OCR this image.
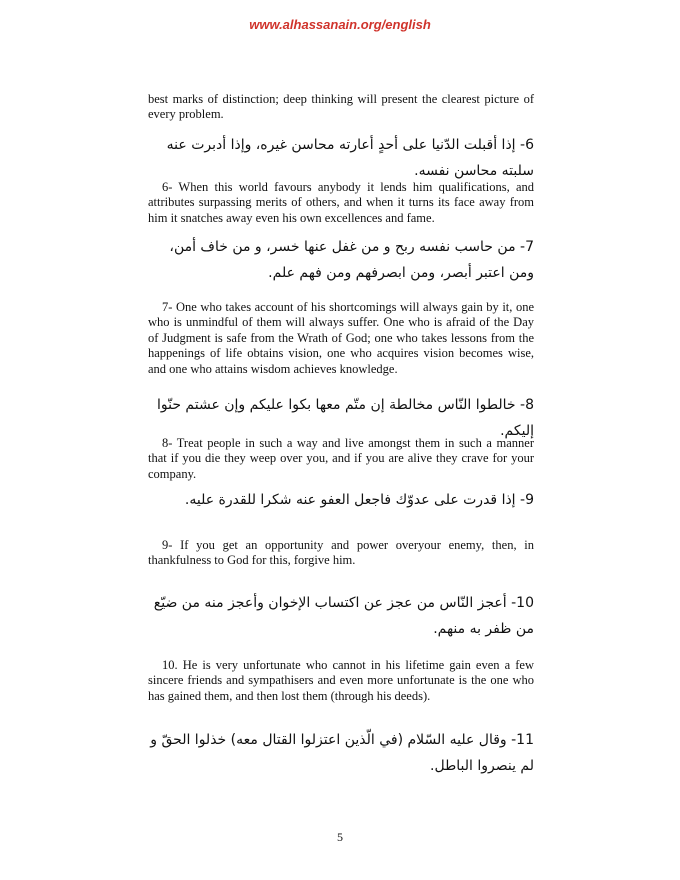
www.alhassanain.org/english

best marks of distinction; deep thinking will present the clearest picture of every problem.

6- إذا أقبلت الدّنيا على أحدٍ أعارته محاسن غيره، وإذا أدبرت عنه سلبته محاسن نفسه.

6- When this world favours anybody it lends him qualifications, and attributes surpassing merits of others, and when it turns its face away from him it snatches away even his own excellences and fame.

7- من حاسب نفسه ربح و من غفل عنها خسر، و من خاف أمن، ومن اعتبر أبصر، ومن ابصرفهم ومن فهم علم.

7- One who takes account of his shortcomings will always gain by it, one who is unmindful of them will always suffer. One who is afraid of the Day of Judgment is safe from the Wrath of God; one who takes lessons from the happenings of life obtains vision, one who acquires vision becomes wise, and one who attains wisdom achieves knowledge.

8- خالطوا النّاس مخالطة إن متّم معها بكوا عليكم وإن عشتم حنّوا إليكم.

8- Treat people in such a way and live amongst them in such a manner that if you die they weep over you, and if you are alive they crave for your company.

9- إذا قدرت على عدوّك فاجعل العفو عنه شكرا للقدرة عليه.

9- If you get an opportunity and power overyour enemy, then, in thankfulness to God for this, forgive him.

10- أعجز النّاس من عجز عن اكتساب الإخوان وأعجز منه من ضيّع من ظفر به منهم.

10. He is very unfortunate who cannot in his lifetime gain even a few sincere friends and sympathisers and even more unfortunate is the one who has gained them, and then lost them (through his deeds).

11- وقال عليه السّلام (في الّذين اعتزلوا القتال معه) خذلوا الحقّ و لم ينصروا الباطل.

5
